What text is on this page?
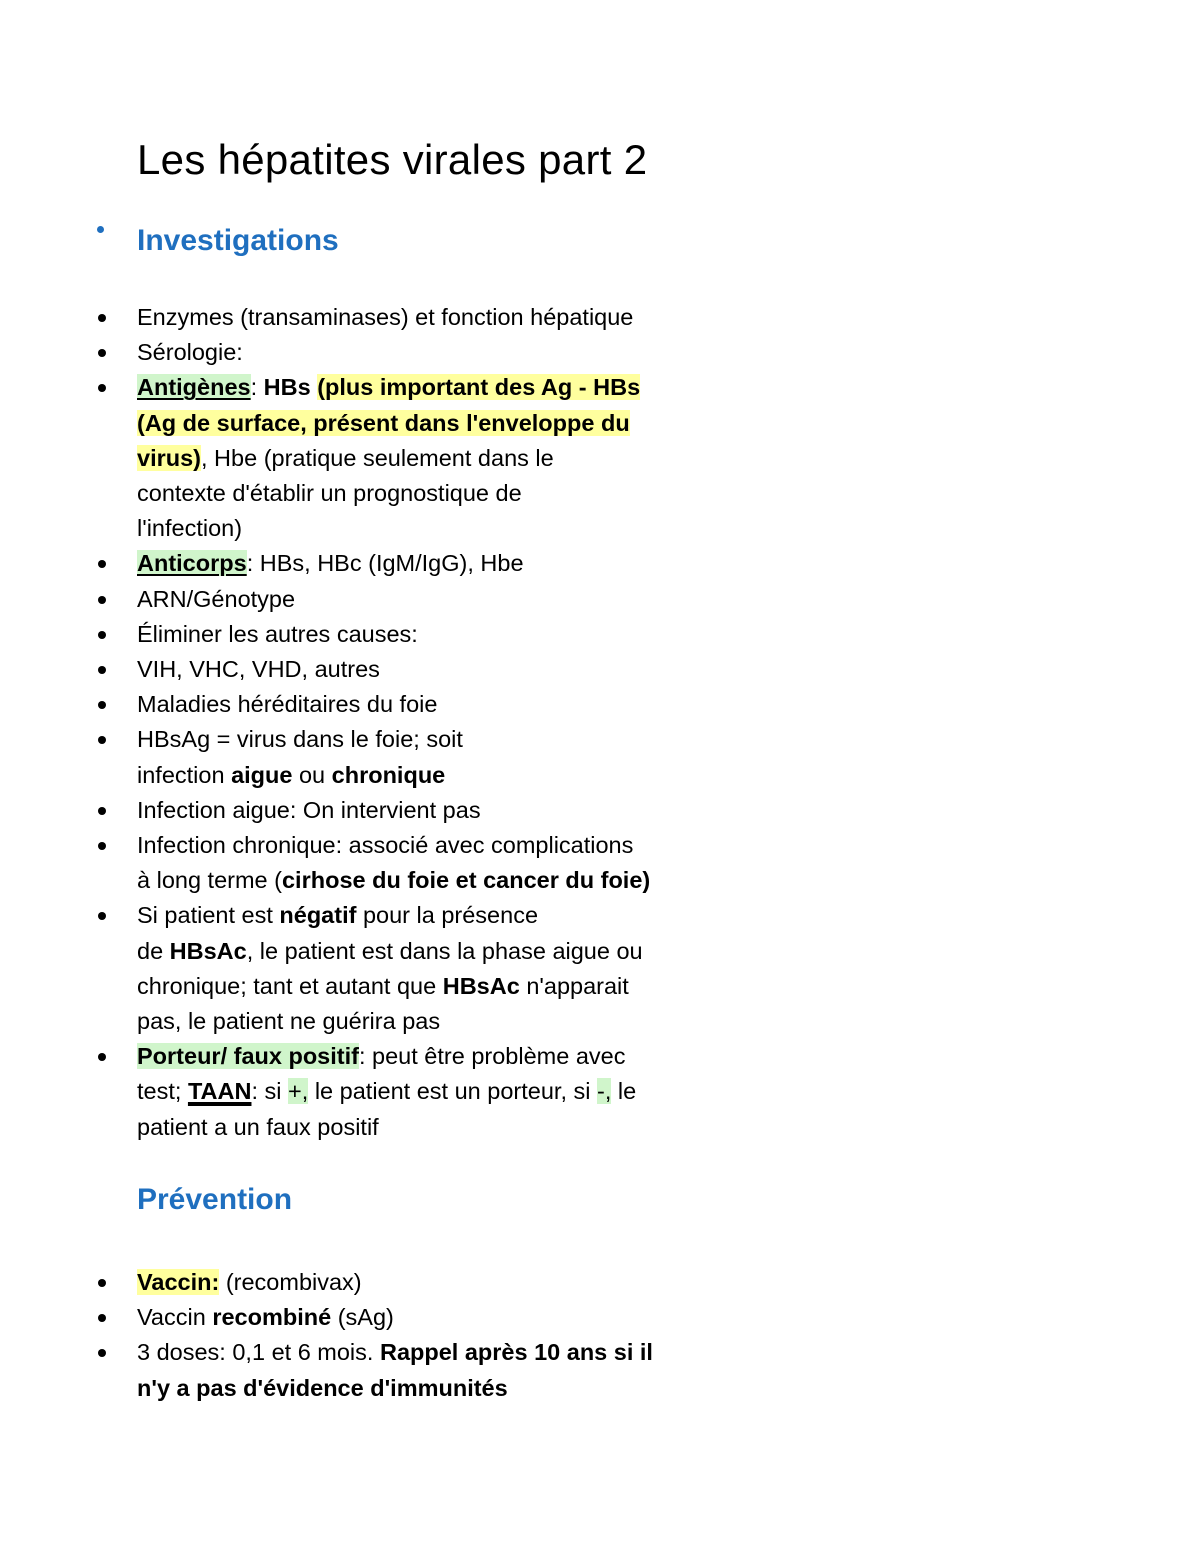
Les hépatites virales part 2
Investigations
Enzymes (transaminases) et fonction hépatique
Sérologie:
Antigènes: HBs (plus important des Ag - HBs
(Ag de surface, présent dans l'enveloppe du
virus), Hbe (pratique seulement dans le
contexte d'établir un prognostique de
l'infection)
Anticorps: HBs, HBc (IgM/IgG), Hbe
ARN/Génotype
Éliminer les autres causes:
VIH, VHC, VHD, autres
Maladies héréditaires du foie
HBsAg = virus dans le foie; soit
infection aigue ou chronique
Infection aigue: On intervient pas
Infection chronique: associé avec complications
à long terme (cirhose du foie et cancer du foie)
Si patient est négatif pour la présence
de HBsAc, le patient est dans la phase aigue ou
chronique; tant et autant que HBsAc n'apparait
pas, le patient ne guérira pas
Porteur/ faux positif: peut être problème avec
test; TAAN: si +, le patient est un porteur, si -, le
patient a un faux positif
Prévention
Vaccin: (recombivax)
Vaccin recombiné (sAg)
3 doses: 0,1 et 6 mois. Rappel après 10 ans si il
n'y a pas d'évidence d'immunités
